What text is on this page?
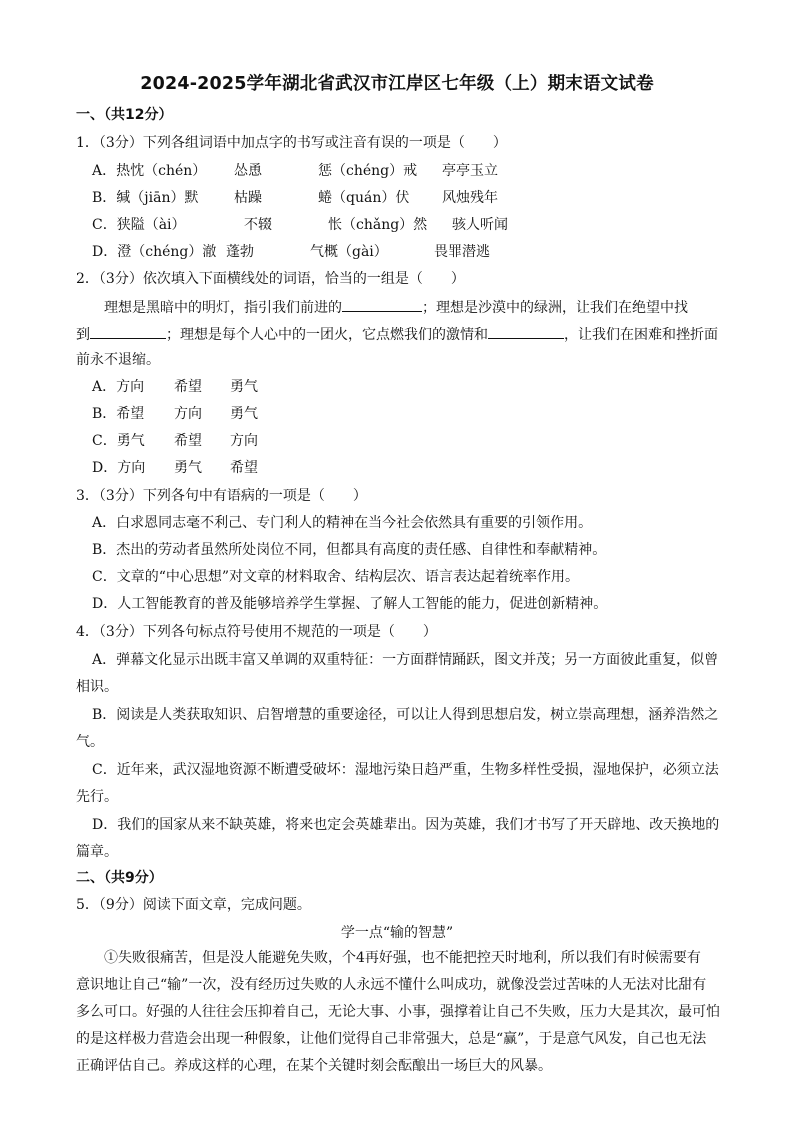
2024-2025学年湖北省武汉市江岸区七年级（上）期末语文试卷
一、（共12分）
1．（3分）下列各组词语中加点字的书写或注音有误的一项是（　　）
A．热忱（chén） 怂恿	惩（chéng）戒 亭亭玉立
B．缄（jiān）默	枯躁	蜷（quán）伏 风烛残年
C．狭隘（ài）	不辍	怅（chǎng）然 骇人听闻
D．澄（chéng）澈 蓬勃	气概（gài）	畏罪潜逃
2．（3分）依次填入下面横线处的词语，恰当的一组是（　　）
理想是黑暗中的明灯，指引我们前进的	；理想是沙漠中的绿洲，让我们在绝望中找
到	；理想是每个人心中的一团火，它点燃我们的激情和	，让我们在困难和挫折面
前永不退缩。
A．方向 希望 勇气
B．希望 方向 勇气
C．勇气 希望 方向
D．方向 勇气 希望
3．（3分）下列各句中有语病的一项是（　　）
A．白求恩同志毫不利己、专门利人的精神在当今社会依然具有重要的引领作用。
B．杰出的劳动者虽然所处岗位不同，但都具有高度的责任感、自律性和奉献精神。
C．文章的“中心思想”对文章的材料取舍、结构层次、语言表达起着统率作用。
D．人工智能教育的普及能够培养学生掌握、了解人工智能的能力，促进创新精神。
4．（3分）下列各句标点符号使用不规范的一项是（　　）
A．弹幕文化显示出既丰富又单调的双重特征：一方面群情踊跃，图文并茂；另一方面彼此重复，似曾
相识。
B．阅读是人类获取知识、启智增慧的重要途径，可以让人得到思想启发，树立崇高理想，涵养浩然之
气。
C．近年来，武汉湿地资源不断遭受破坏：湿地污染日趋严重，生物多样性受损，湿地保护，必须立法
先行。
D．我们的国家从来不缺英雄，将来也定会英雄辈出。因为英雄，我们才书写了开天辟地、改天换地的
篇章。
二、（共9分）
5．（9分）阅读下面文章，完成问题。
学一点“输的智慧”
①失败很痛苦，但是没人能避免失败，个4再好强，也不能把控天时地利，所以我们有时候需要有
意识地让自己“输”一次，没有经历过失败的人永远不懂什么叫成功，就像没尝过苦味的人无法对比甜有
多么可口。好强的人往往会压抑着自己，无论大事、小事，强撑着让自己不失败，压力大是其次，最可怕
的是这样极力营造会出现一种假象，让他们觉得自己非常强大，总是“赢”，于是意气风发，自己也无法
正确评估自己。养成这样的心理，在某个关键时刻会酝酿出一场巨大的风暴。
